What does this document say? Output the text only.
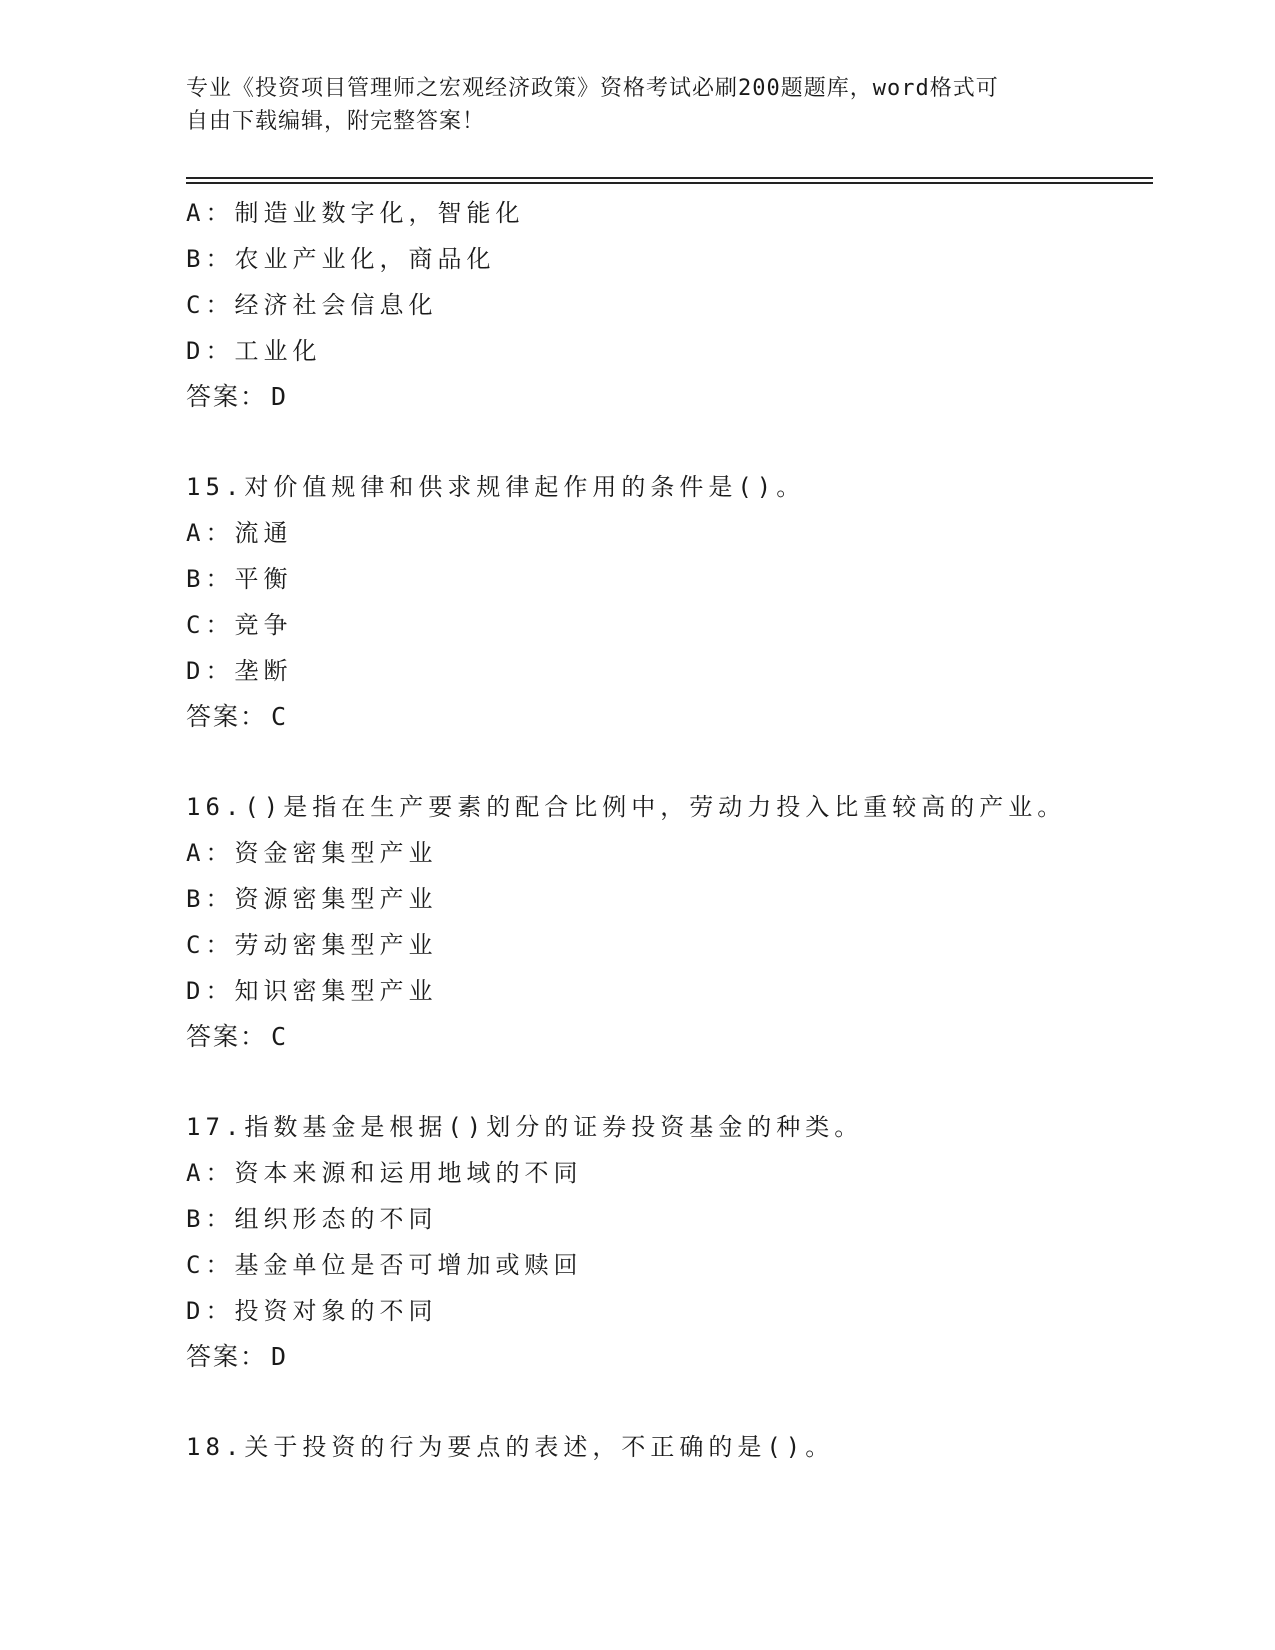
专业《投资项目管理师之宏观经济政策》资格考试必刷200题题库，word格式可
自由下载编辑，附完整答案！
A：制造业数字化，智能化
B：农业产业化，商品化
C：经济社会信息化
D：工业化
答案： D
15.对价值规律和供求规律起作用的条件是()。
A：流通
B：平衡
C：竞争
D：垄断
答案： C
16.()是指在生产要素的配合比例中，劳动力投入比重较高的产业。
A：资金密集型产业
B：资源密集型产业
C：劳动密集型产业
D：知识密集型产业
答案： C
17.指数基金是根据()划分的证券投资基金的种类。
A：资本来源和运用地域的不同
B：组织形态的不同
C：基金单位是否可增加或赎回
D：投资对象的不同
答案： D
18.关于投资的行为要点的表述，不正确的是()。
